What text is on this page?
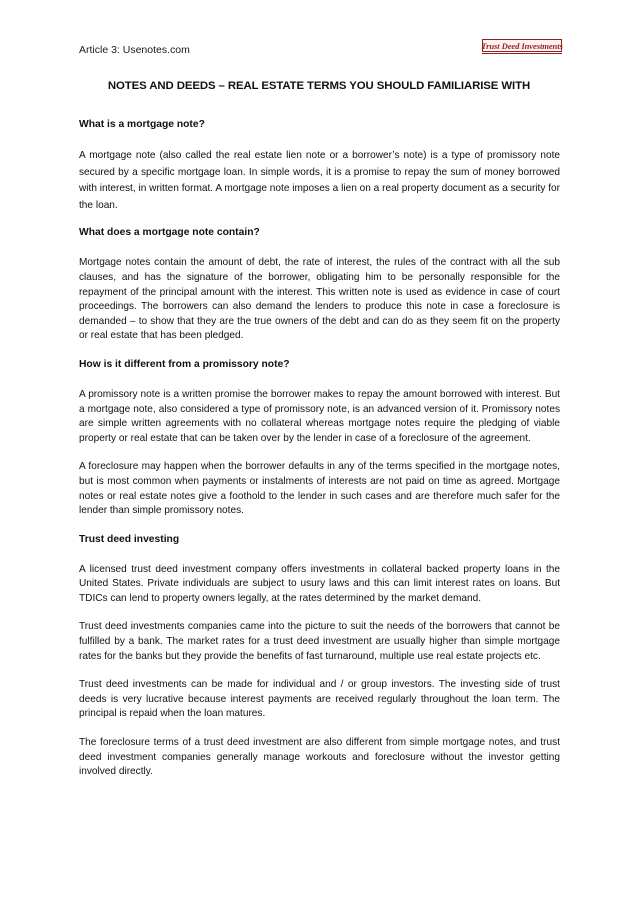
Article 3: Usenotes.com	Trust Deed Investments
NOTES AND DEEDS – REAL ESTATE TERMS YOU SHOULD FAMILIARISE WITH
What is a mortgage note?

A mortgage note (also called the real estate lien note or a borrower’s note) is a type of promissory note secured by a specific mortgage loan. In simple words, it is a promise to repay the sum of money borrowed with interest, in written format. A mortgage note imposes a lien on a real property document as a security for the loan.

What does a mortgage note contain?

Mortgage notes contain the amount of debt, the rate of interest, the rules of the contract with all the sub clauses, and has the signature of the borrower, obligating him to be personally responsible for the repayment of the principal amount with the interest. This written note is used as evidence in case of court proceedings. The borrowers can also demand the lenders to produce this note in case a foreclosure is demanded – to show that they are the true owners of the debt and can do as they seem fit on the property or real estate that has been pledged.

How is it different from a promissory note?

A promissory note is a written promise the borrower makes to repay the amount borrowed with interest. But a mortgage note, also considered a type of promissory note, is an advanced version of it. Promissory notes are simple written agreements with no collateral whereas mortgage notes require the pledging of viable property or real estate that can be taken over by the lender in case of a foreclosure of the agreement.

A foreclosure may happen when the borrower defaults in any of the terms specified in the mortgage notes, but is most common when payments or instalments of interests are not paid on time as agreed. Mortgage notes or real estate notes give a foothold to the lender in such cases and are therefore much safer for the lender than simple promissory notes.

Trust deed investing

A licensed trust deed investment company offers investments in collateral backed property loans in the United States. Private individuals are subject to usury laws and this can limit interest rates on loans. But TDICs can lend to property owners legally, at the rates determined by the market demand.

Trust deed investments companies came into the picture to suit the needs of the borrowers that cannot be fulfilled by a bank. The market rates for a trust deed investment are usually higher than simple mortgage rates for the banks but they provide the benefits of fast turnaround, multiple use real estate projects etc.

Trust deed investments can be made for individual and / or group investors. The investing side of trust deeds is very lucrative because interest payments are received regularly throughout the loan term. The principal is repaid when the loan matures.

The foreclosure terms of a trust deed investment are also different from simple mortgage notes, and trust deed investment companies generally manage workouts and foreclosure without the investor getting involved directly.
